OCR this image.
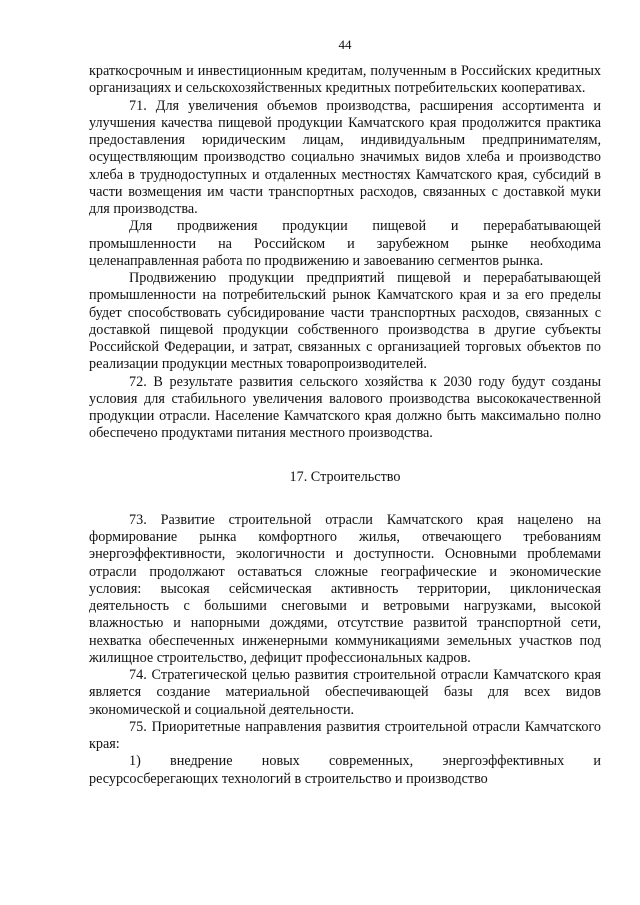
44

краткосрочным и инвестиционным кредитам, полученным в Российских кредитных организациях и сельскохозяйственных кредитных потребительских кооперативах.

71. Для увеличения объемов производства, расширения ассортимента и улучшения качества пищевой продукции Камчатского края продолжится практика предоставления юридическим лицам, индивидуальным предпринимателям, осуществляющим производство социально значимых видов хлеба и производство хлеба в труднодоступных и отдаленных местностях Камчатского края, субсидий в части возмещения им части транспортных расходов, связанных с доставкой муки для производства.

Для продвижения продукции пищевой и перерабатывающей промышленности на Российском и зарубежном рынке необходима целенаправленная работа по продвижению и завоеванию сегментов рынка.

Продвижению продукции предприятий пищевой и перерабатывающей промышленности на потребительский рынок Камчатского края и за его пределы будет способствовать субсидирование части транспортных расходов, связанных с доставкой пищевой продукции собственного производства в другие субъекты Российской Федерации, и затрат, связанных с организацией торговых объектов по реализации продукции местных товаропроизводителей.

72. В результате развития сельского хозяйства к 2030 году будут созданы условия для стабильного увеличения валового производства высококачественной продукции отрасли. Население Камчатского края должно быть максимально полно обеспечено продуктами питания местного производства.

17. Строительство

73. Развитие строительной отрасли Камчатского края нацелено на формирование рынка комфортного жилья, отвечающего требованиям энергоэффективности, экологичности и доступности. Основными проблемами отрасли продолжают оставаться сложные географические и экономические условия: высокая сейсмическая активность территории, циклоническая деятельность с большими снеговыми и ветровыми нагрузками, высокой влажностью и напорными дождями, отсутствие развитой транспортной сети, нехватка обеспеченных инженерными коммуникациями земельных участков под жилищное строительство, дефицит профессиональных кадров.

74. Стратегической целью развития строительной отрасли Камчатского края является создание материальной обеспечивающей базы для всех видов экономической и социальной деятельности.

75. Приоритетные направления развития строительной отрасли Камчатского края:

1) внедрение новых современных, энергоэффективных и ресурсосберегающих технологий в строительство и производство
